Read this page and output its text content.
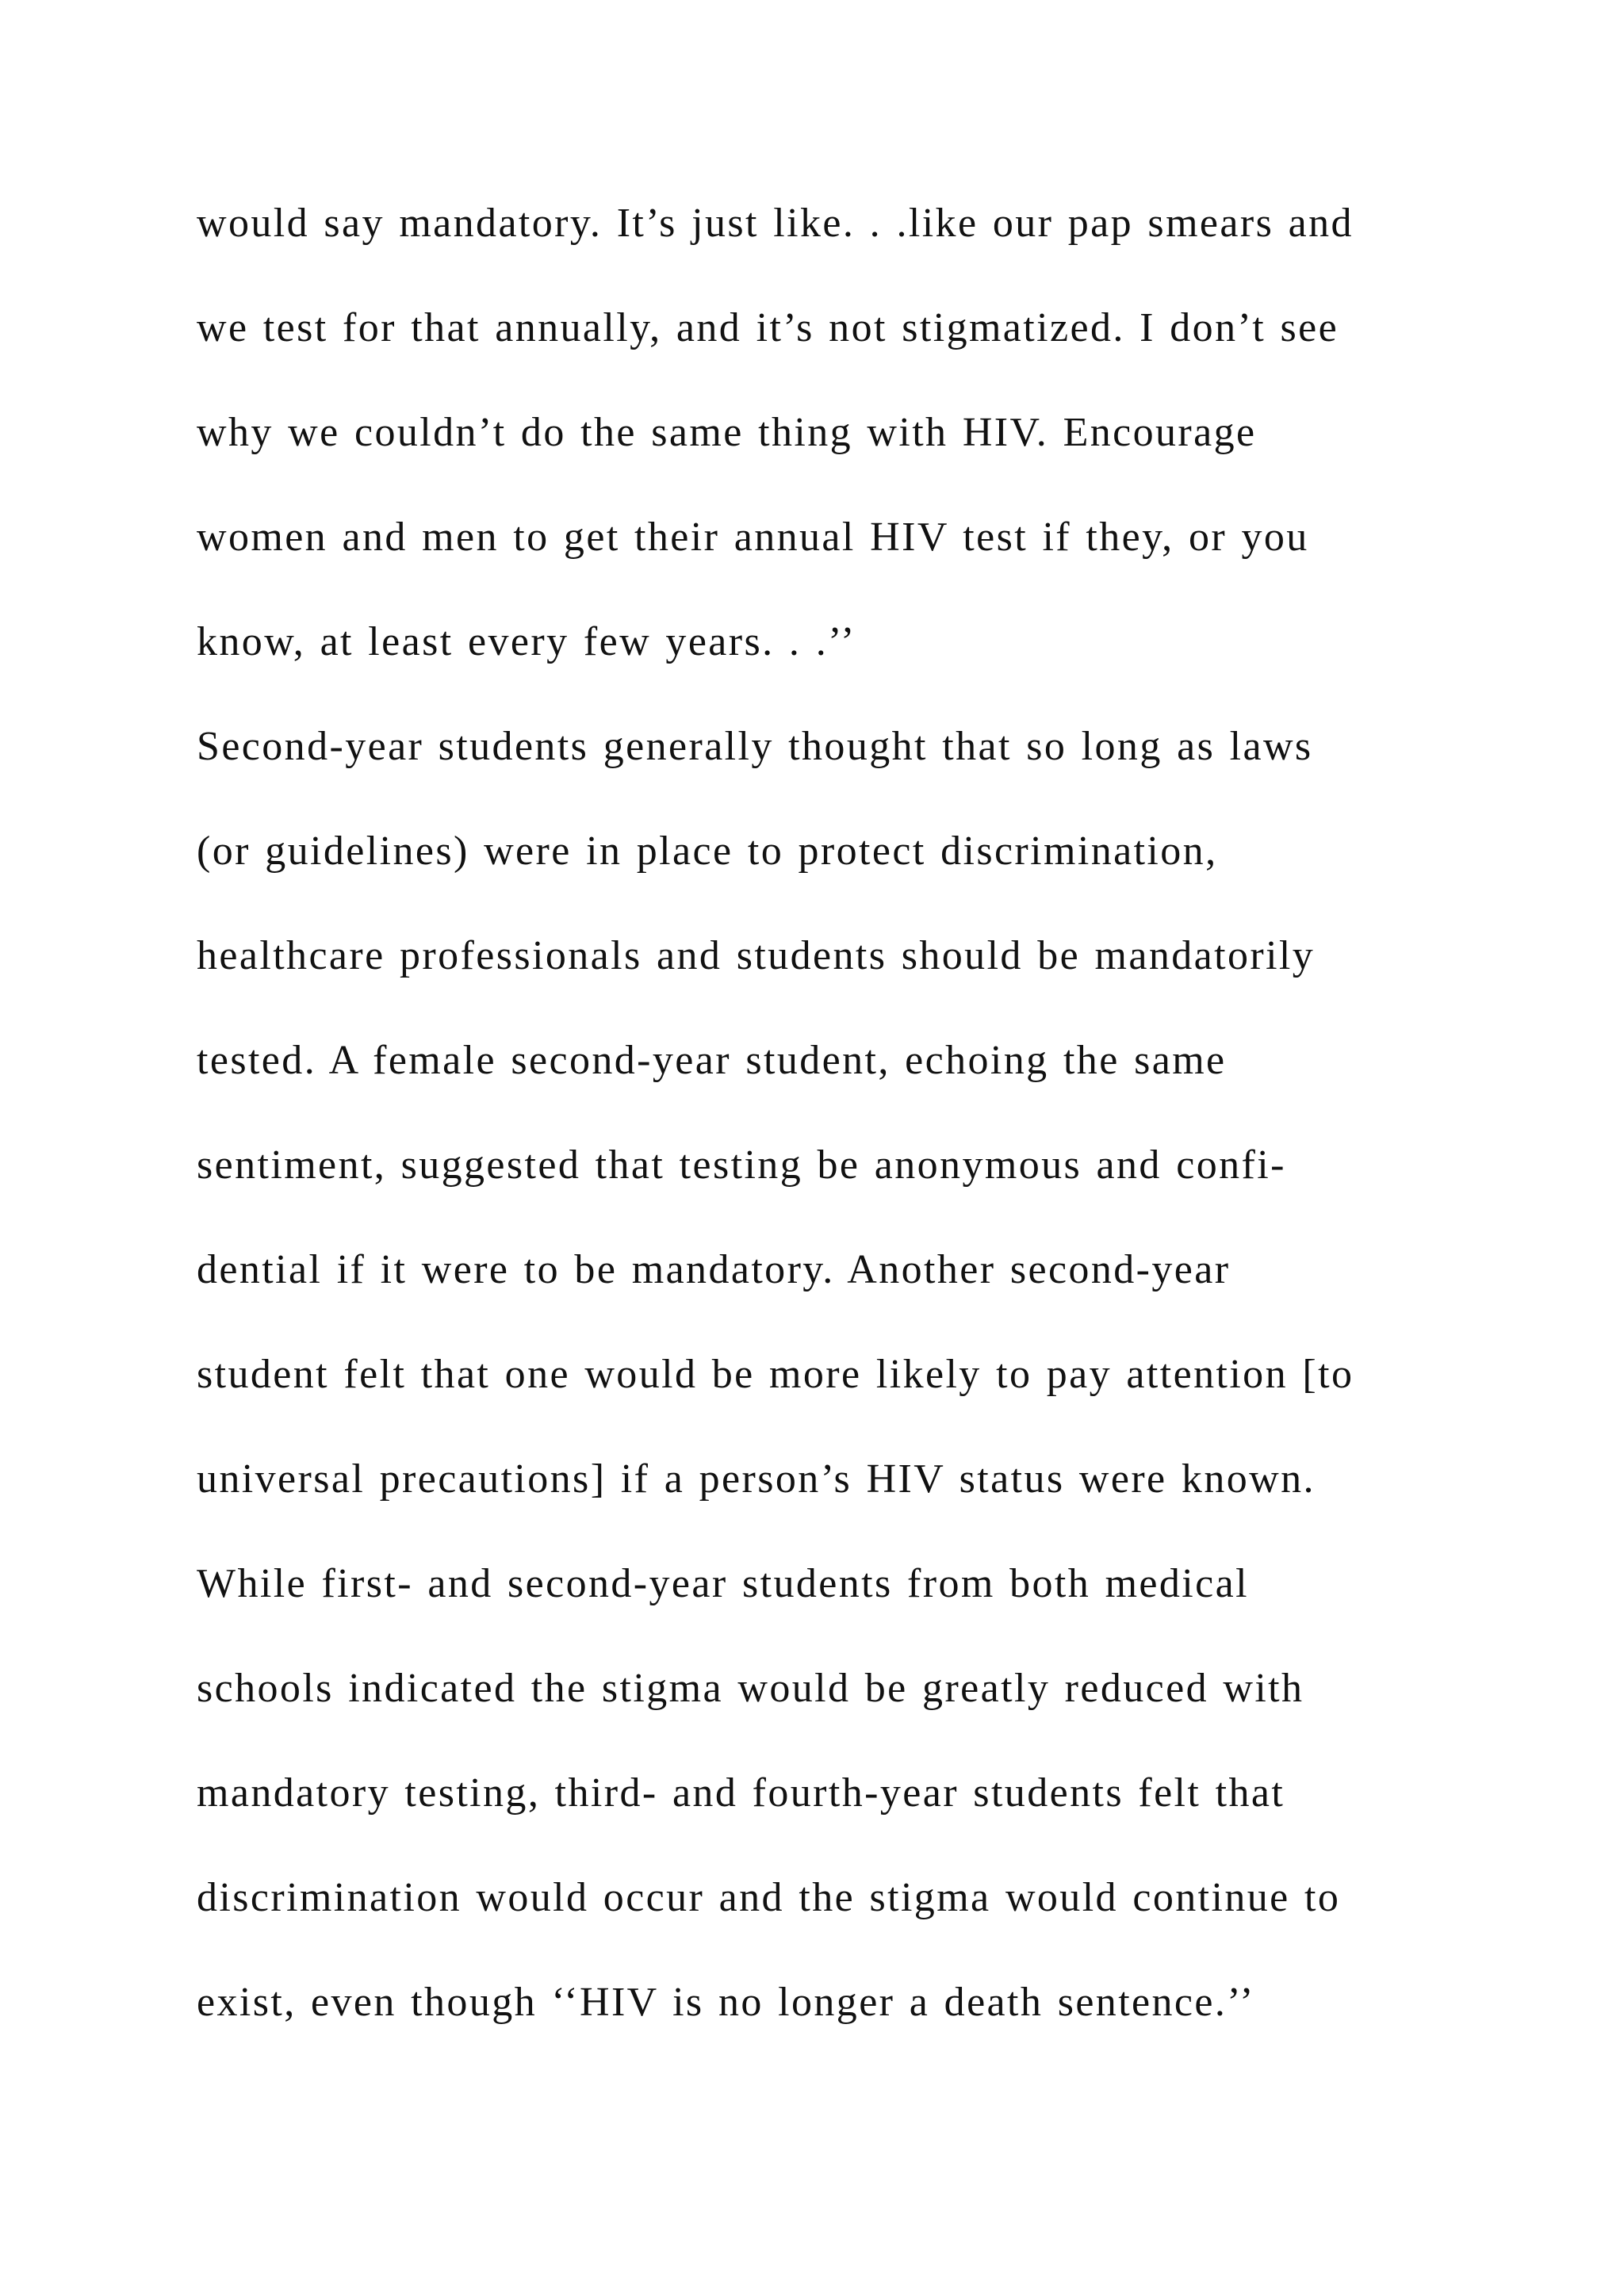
would say mandatory. It’s just like. . .like our pap smears and
we test for that annually, and it’s not stigmatized. I don’t see
why we couldn’t do the same thing with HIV. Encourage
women and men to get their annual HIV test if they, or you
know, at least every few years. . .’’
Second-year students generally thought that so long as laws
(or guidelines) were in place to protect discrimination,
healthcare professionals and students should be mandatorily
tested. A female second-year student, echoing the same
sentiment, suggested that testing be anonymous and confi-
dential if it were to be mandatory. Another second-year
student felt that one would be more likely to pay attention [to
universal precautions] if a person’s HIV status were known.
While first- and second-year students from both medical
schools indicated the stigma would be greatly reduced with
mandatory testing, third- and fourth-year students felt that
discrimination would occur and the stigma would continue to
exist, even though ‘‘HIV is no longer a death sentence.’’
